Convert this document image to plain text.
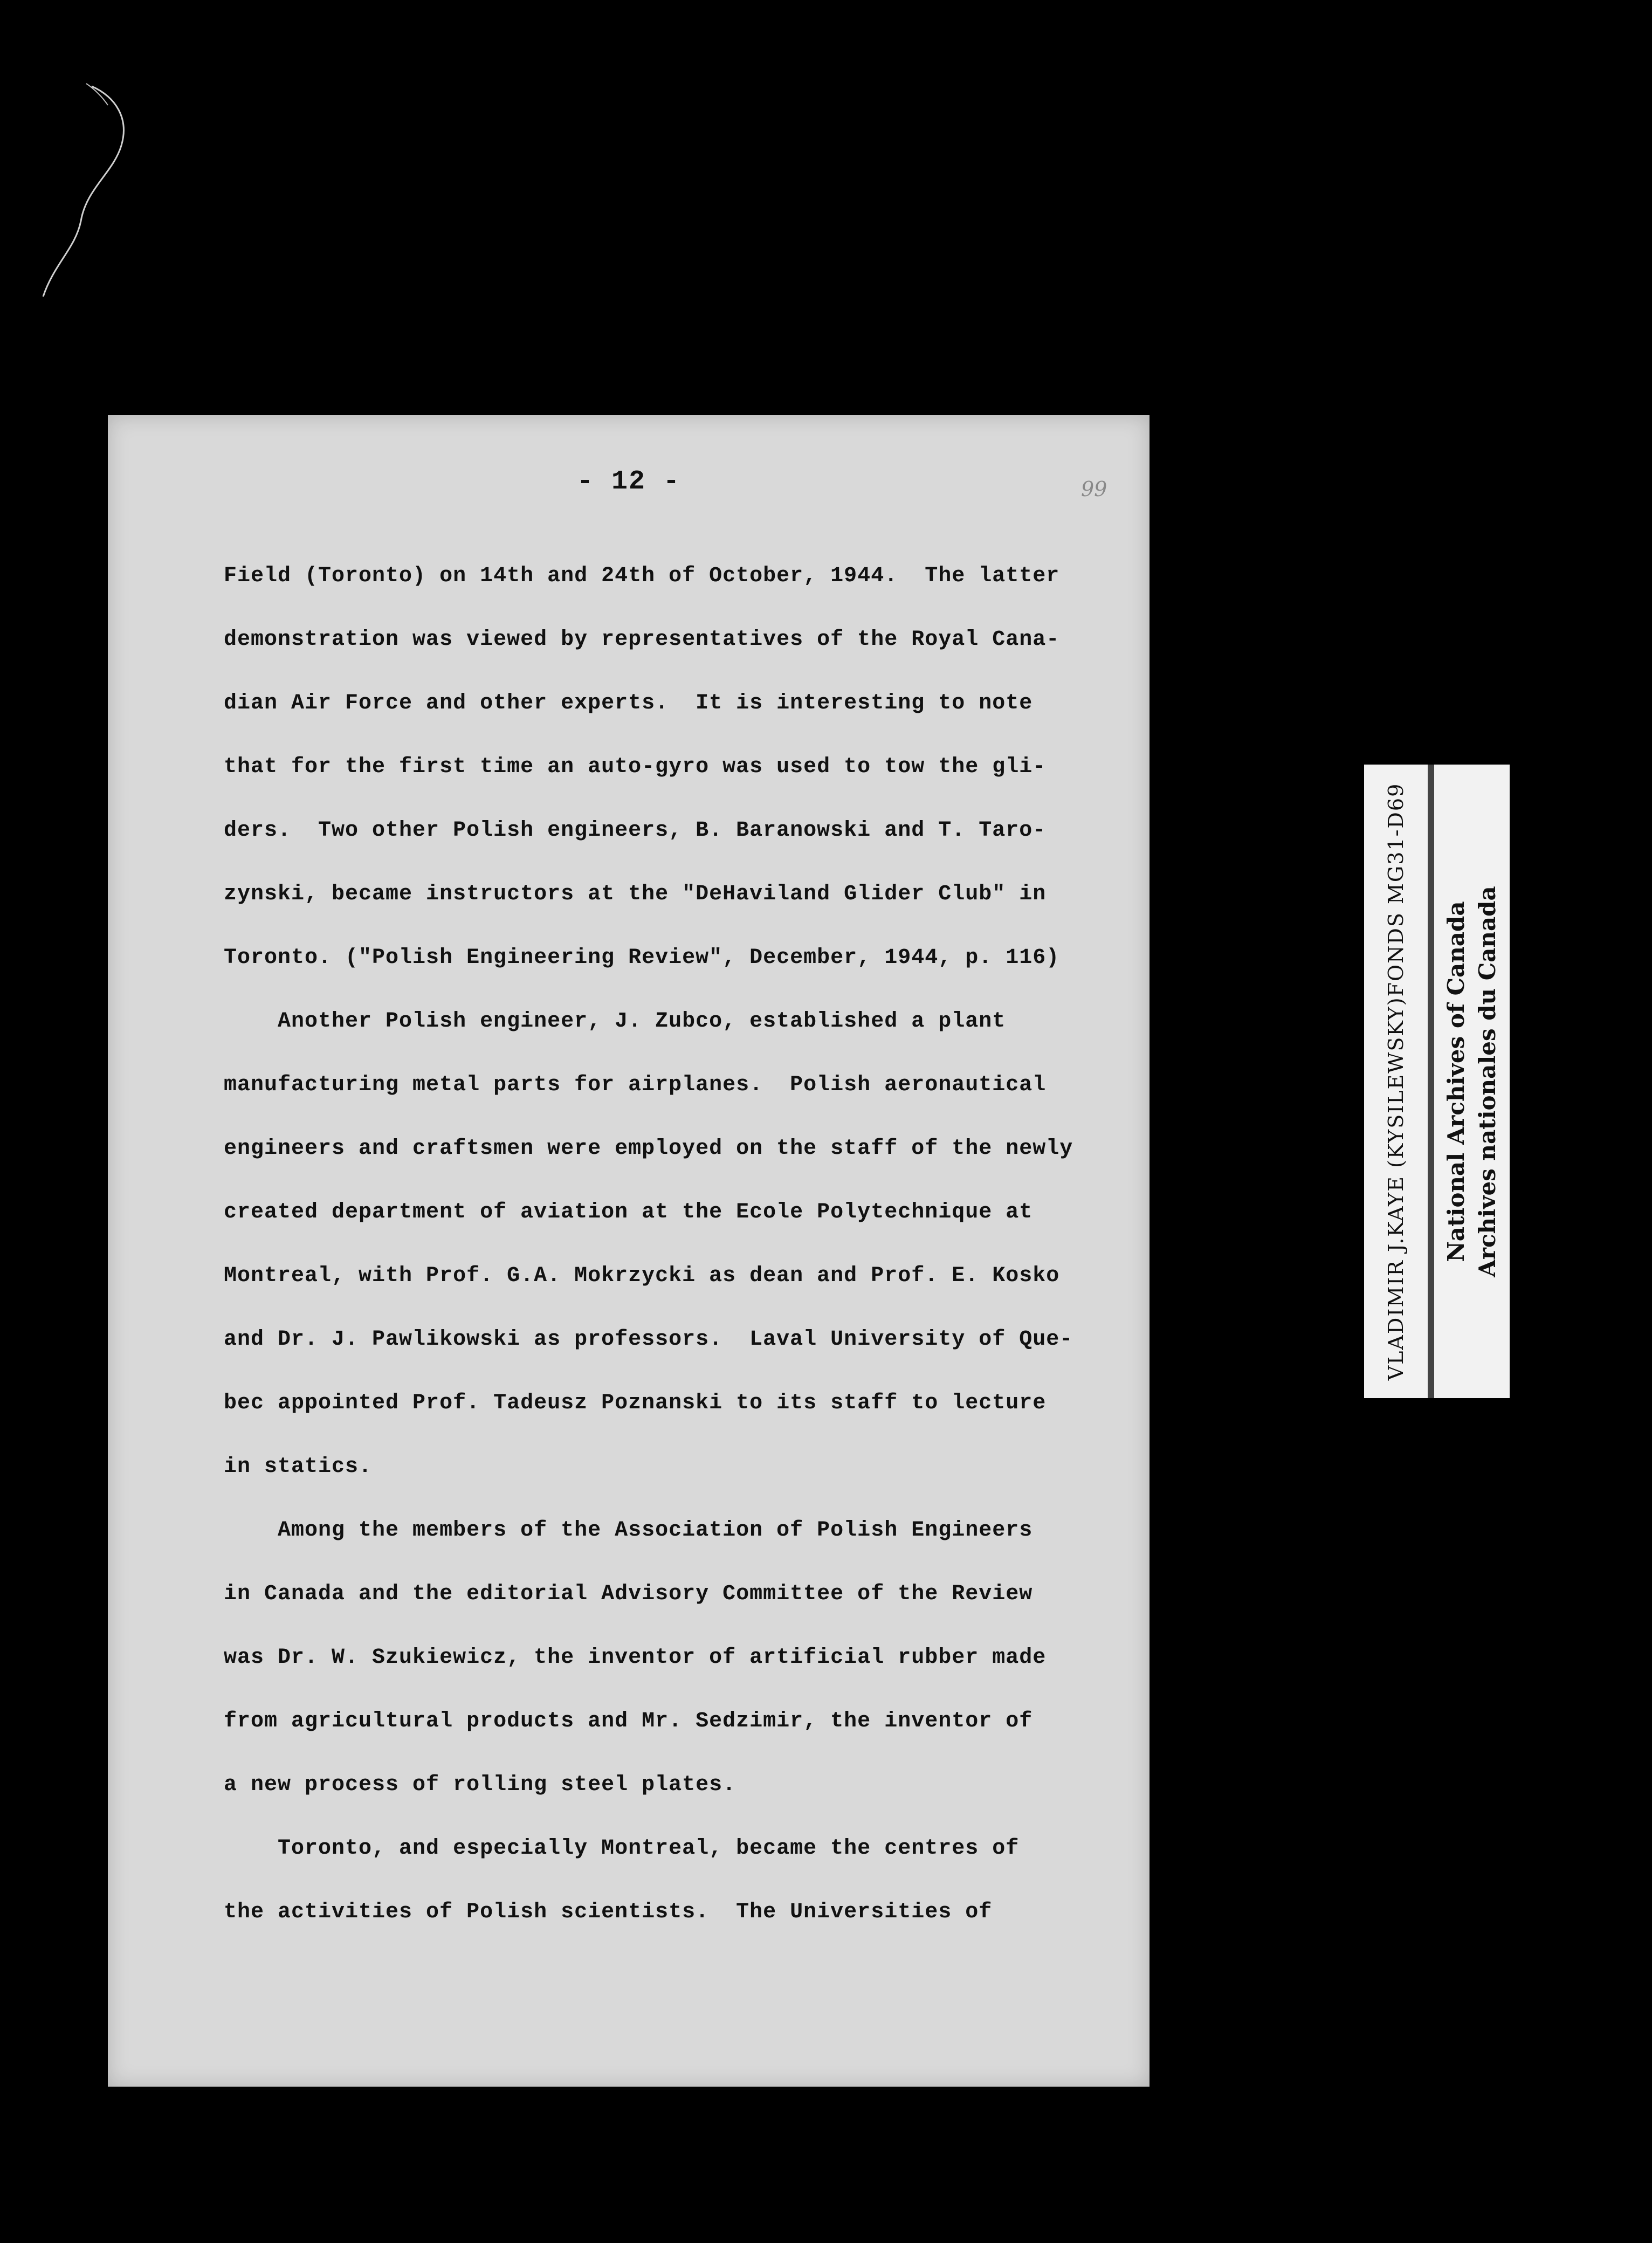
- 12 -	99
Field (Toronto) on 14th and 24th of October, 1944.  The latter
demonstration was viewed by representatives of the Royal Cana-
dian Air Force and other experts.  It is interesting to note
that for the first time an auto-gyro was used to tow the gli-
ders.  Two other Polish engineers, B. Baranowski and T. Taro-
zynski, became instructors at the "DeHaviland Glider Club" in
Toronto. ("Polish Engineering Review", December, 1944, p. 116)
Another Polish engineer, J. Zubco, established a plant
manufacturing metal parts for airplanes.  Polish aeronautical
engineers and craftsmen were employed on the staff of the newly
created department of aviation at the Ecole Polytechnique at
Montreal, with Prof. G.A. Mokrzycki as dean and Prof. E. Kosko
and Dr. J. Pawlikowski as professors.  Laval University of Que-
bec appointed Prof. Tadeusz Poznanski to its staff to lecture
in statics.
Among the members of the Association of Polish Engineers
in Canada and the editorial Advisory Committee of the Review
was Dr. W. Szukiewicz, the inventor of artificial rubber made
from agricultural products and Mr. Sedzimir, the inventor of
a new process of rolling steel plates.
Toronto, and especially Montreal, became the centres of
the activities of Polish scientists.  The Universities of
VLADIMIR J.KAYE (KYSILEWSKY)FONDS MG31-D69 National Archives of Canada Archives nationales du Canada
